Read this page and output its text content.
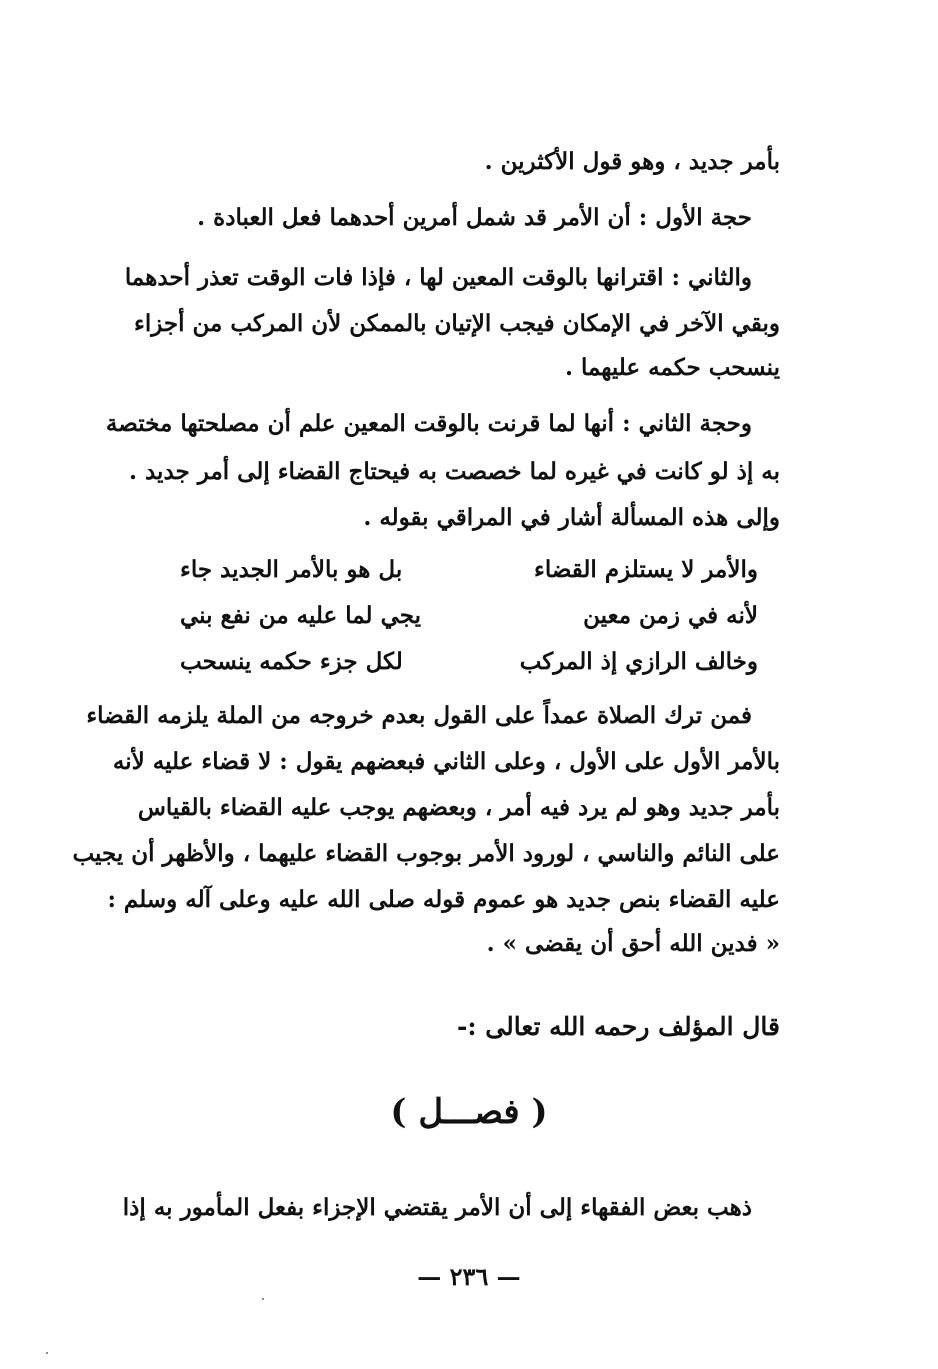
بأمر جديد ، وهو قول الأكثرين .
حجة الأول : أن الأمر قد شمل أمرين أحدهما فعل العبادة .
والثاني : اقترانها بالوقت المعين لها ، فإذا فات الوقت تعذر أحدهما
وبقي الآخر في الإمكان فيجب الإتيان بالممكن لأن المركب من أجزاء
ينسحب حكمه عليهما .
وحجة الثاني : أنها لما قرنت بالوقت المعين علم أن مصلحتها مختصة
به إذ لو كانت في غيره لما خصصت به فيحتاج القضاء إلى أمر جديد .
وإلى هذه المسألة أشار في المراقي بقوله .
والأمر لا يستلزم القضاء
بل هو بالأمر الجديد جاء
لأنه في زمن معين
يجي لما عليه من نفع بني
وخالف الرازي إذ المركب
لكل جزء حكمه ينسحب
فمن ترك الصلاة عمداً على القول بعدم خروجه من الملة يلزمه القضاء
بالأمر الأول على الأول ، وعلى الثاني فبعضهم يقول : لا قضاء عليه لأنه
بأمر جديد وهو لم يرد فيه أمر ، وبعضهم يوجب عليه القضاء بالقياس
على النائم والناسي ، لورود الأمر بوجوب القضاء عليهما ، والأظهر أن يجيب
عليه القضاء بنص جديد هو عموم قوله صلى الله عليه وعلى آله وسلم :
« فدين الله أحق أن يقضى » .
قال المؤلف رحمه الله تعالى :-
( فصـــل )
ذهب بعض الفقهاء إلى أن الأمر يقتضي الإجزاء بفعل المأمور به إذا
— ٢٣٦ —
